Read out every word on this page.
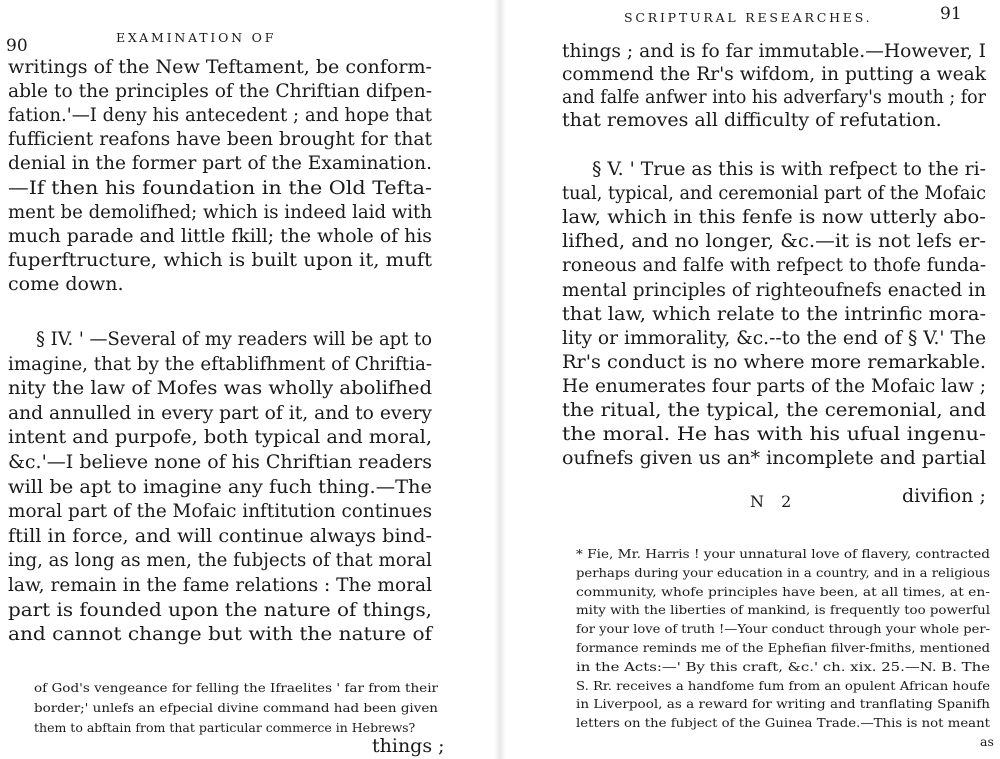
90	EXAMINATION OF
writings of the New Teftament, be conform-
able to the principles of the Chriftian difpen-
fation.'—I deny his antecedent ; and hope that
fufficient reafons have been brought for that
denial in the former part of the Examination.
—If then his foundation in the Old Tefta-
ment be demolifhed; which is indeed laid with
much parade and little fkill; the whole of his
fuperftructure, which is built upon it, muft
come down.
§ IV. ' —Several of my readers will be apt to
imagine, that by the eftablifhment of Chriftia-
nity the law of Mofes was wholly abolifhed
and annulled in every part of it, and to every
intent and purpofe, both typical and moral,
&c.'—I believe none of his Chriftian readers
will be apt to imagine any fuch thing.—The
moral part of the Mofaic inftitution continues
ftill in force, and will continue always bind-
ing, as long as men, the fubjects of that moral
law, remain in the fame relations : The moral
part is founded upon the nature of things,
and cannot change but with the nature of
of God's vengeance for felling the Ifraelites ' far from their
border;' unlefs an efpecial divine command had been given
them to abftain from that particular commerce in Hebrews?
things ;
SCRIPTURAL RESEARCHES.	91
things ; and is fo far immutable.—However, I
commend the Rr's wifdom, in putting a weak
and falfe anfwer into his adverfary's mouth ; for
that removes all difficulty of refutation.
§ V. ' True as this is with refpect to the ri-
tual, typical, and ceremonial part of the Mofaic
law, which in this fenfe is now utterly abo-
lifhed, and no longer, &c.—it is not lefs er-
roneous and falfe with refpect to thofe funda-
mental principles of righteoufnefs enacted in
that law, which relate to the intrinfic mora-
lity or immorality, &c.--to the end of § V.' The
Rr's conduct is no where more remarkable.
He enumerates four parts of the Mofaic law ;
the ritual, the typical, the ceremonial, and
the moral. He has with his ufual ingenu-
oufnefs given us an* incomplete and partial
N 2	divifion ;
* Fie, Mr. Harris ! your unnatural love of flavery, contracted
perhaps during your education in a country, and in a religious
community, whofe principles have been, at all times, at en-
mity with the liberties of mankind, is frequently too powerful
for your love of truth !—Your conduct through your whole per-
formance reminds me of the Ephefian filver-fmiths, mentioned
in the Acts:—' By this craft, &c.' ch. xix. 25.—N. B. The
S. Rr. receives a handfome fum from an opulent African houfe
in Liverpool, as a reward for writing and tranflating Spanifh
letters on the fubject of the Guinea Trade.—This is not meant
as
